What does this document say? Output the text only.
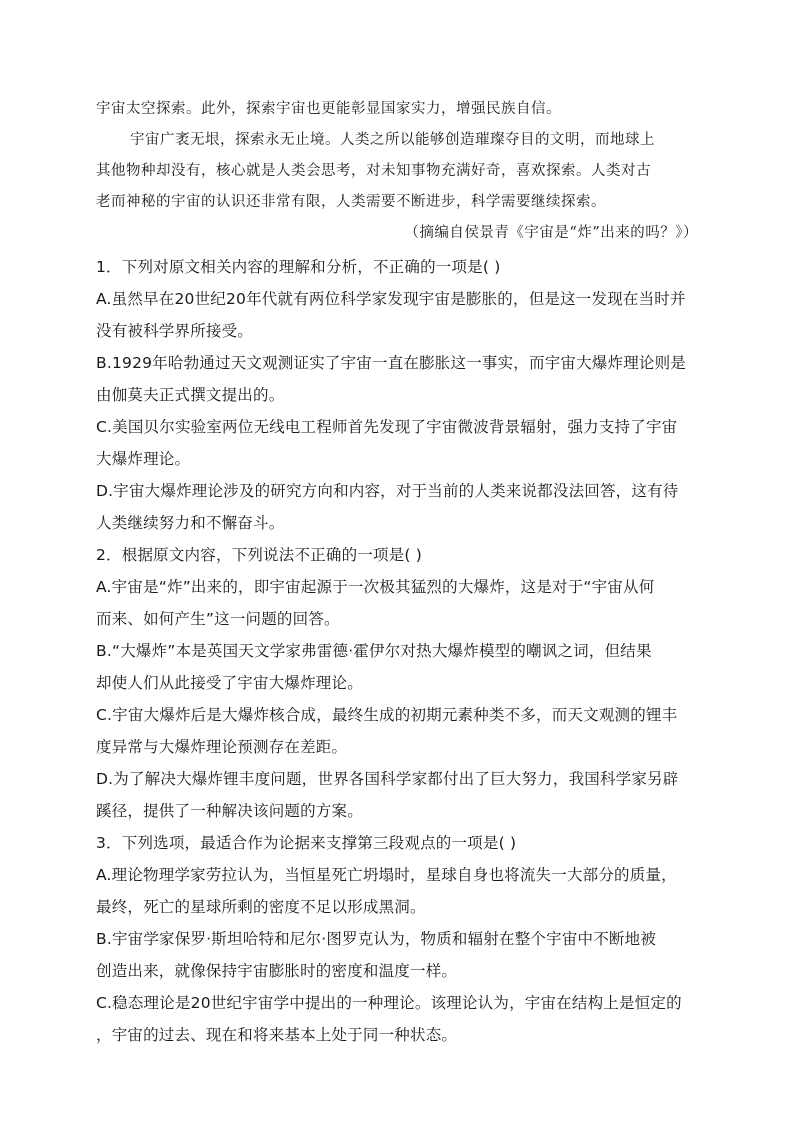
宇宙太空探索。此外，探索宇宙也更能彰显国家实力，增强民族自信。
宇宙广袤无垠，探索永无止境。人类之所以能够创造璀璨夺目的文明，而地球上
其他物种却没有，核心就是人类会思考，对未知事物充满好奇，喜欢探索。人类对古
老而神秘的宇宙的认识还非常有限，人类需要不断进步，科学需要继续探索。
（摘编自侯景青《宇宙是“炸”出来的吗？》）
1．下列对原文相关内容的理解和分析，不正确的一项是( )
A.虽然早在20世纪20年代就有两位科学家发现宇宙是膨胀的，但是这一发现在当时并
没有被科学界所接受。
B.1929年哈勃通过天文观测证实了宇宙一直在膨胀这一事实，而宇宙大爆炸理论则是
由伽莫夫正式撰文提出的。
C.美国贝尔实验室两位无线电工程师首先发现了宇宙微波背景辐射，强力支持了宇宙
大爆炸理论。
D.宇宙大爆炸理论涉及的研究方向和内容，对于当前的人类来说都没法回答，这有待
人类继续努力和不懈奋斗。
2．根据原文内容，下列说法不正确的一项是( )
A.宇宙是“炸”出来的，即宇宙起源于一次极其猛烈的大爆炸，这是对于“宇宙从何
而来、如何产生”这一问题的回答。
B.“大爆炸”本是英国天文学家弗雷德·霍伊尔对热大爆炸模型的嘲讽之词，但结果
却使人们从此接受了宇宙大爆炸理论。
C.宇宙大爆炸后是大爆炸核合成，最终生成的初期元素种类不多，而天文观测的锂丰
度异常与大爆炸理论预测存在差距。
D.为了解决大爆炸锂丰度问题，世界各国科学家都付出了巨大努力，我国科学家另辟
蹊径，提供了一种解决该问题的方案。
3．下列选项，最适合作为论据来支撑第三段观点的一项是( )
A.理论物理学家劳拉认为，当恒星死亡坍塌时，星球自身也将流失一大部分的质量，
最终，死亡的星球所剩的密度不足以形成黑洞。
B.宇宙学家保罗·斯坦哈特和尼尔·图罗克认为，物质和辐射在整个宇宙中不断地被
创造出来，就像保持宇宙膨胀时的密度和温度一样。
C.稳态理论是20世纪宇宙学中提出的一种理论。该理论认为，宇宙在结构上是恒定的
，宇宙的过去、现在和将来基本上处于同一种状态。
